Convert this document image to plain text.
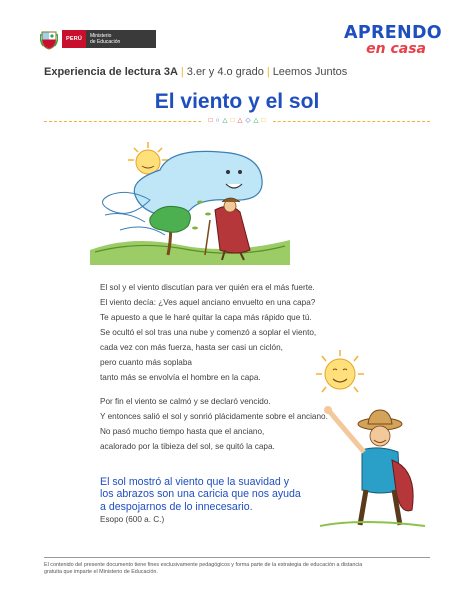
PERÚ
Ministerio
de Educación	APRENDO
en casa
Experiencia de lectura 3A | 3.er y 4.o grado | Leemos Juntos
El viento y el sol
□ ○ △ □ △ ◇ △ □
El sol y el viento discutían para ver quién era el más fuerte.
El viento decía: ¿Ves aquel anciano envuelto en una capa?
Te apuesto a que le haré quitar la capa más rápido que tú.
Se ocultó el sol tras una nube y comenzó a soplar el viento,
cada vez con más fuerza, hasta ser casi un ciclón,
pero cuanto más soplaba
tanto más se envolvía el hombre en la capa.
Por fin el viento se calmó y se declaró vencido.
Y entonces salió el sol y sonrió plácidamente sobre el anciano.
No pasó mucho tiempo hasta que el anciano,
acalorado por la tibieza del sol, se quitó la capa.
El sol mostró al viento que la suavidad y
los abrazos son una caricia que nos ayuda
a despojarnos de lo innecesario.
Esopo (600 a. C.)
El contenido del presente documento tiene fines exclusivamente pedagógicos y forma parte de la estrategia de educación a distancia
gratuita que imparte el Ministerio de Educación.
